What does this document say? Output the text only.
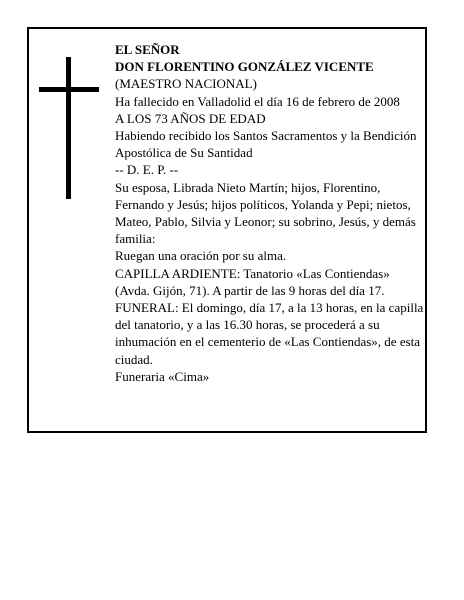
EL SEÑOR

DON FLORENTINO GONZÁLEZ VICENTE

(MAESTRO NACIONAL)

Ha fallecido en Valladolid el día 16 de febrero de 2008

A LOS 73 AÑOS DE EDAD

Habiendo recibido los Santos Sacramentos y la Bendición Apostólica de Su Santidad

-- D. E. P. --

Su esposa, Librada Nieto Martín; hijos, Florentino, Fernando y Jesús; hijos políticos, Yolanda y Pepi; nietos, Mateo, Pablo, Silvia y Leonor; su sobrino, Jesús, y demás familia:

Ruegan una oración por su alma.

CAPILLA ARDIENTE: Tanatorio «Las Contiendas» (Avda. Gijón, 71). A partir de las 9 horas del día 17.

FUNERAL: El domingo, día 17, a la 13 horas, en la capilla del tanatorio, y a las 16.30 horas, se procederá a su inhumación en el cementerio de «Las Contiendas», de esta ciudad.

Funeraria «Cima»
